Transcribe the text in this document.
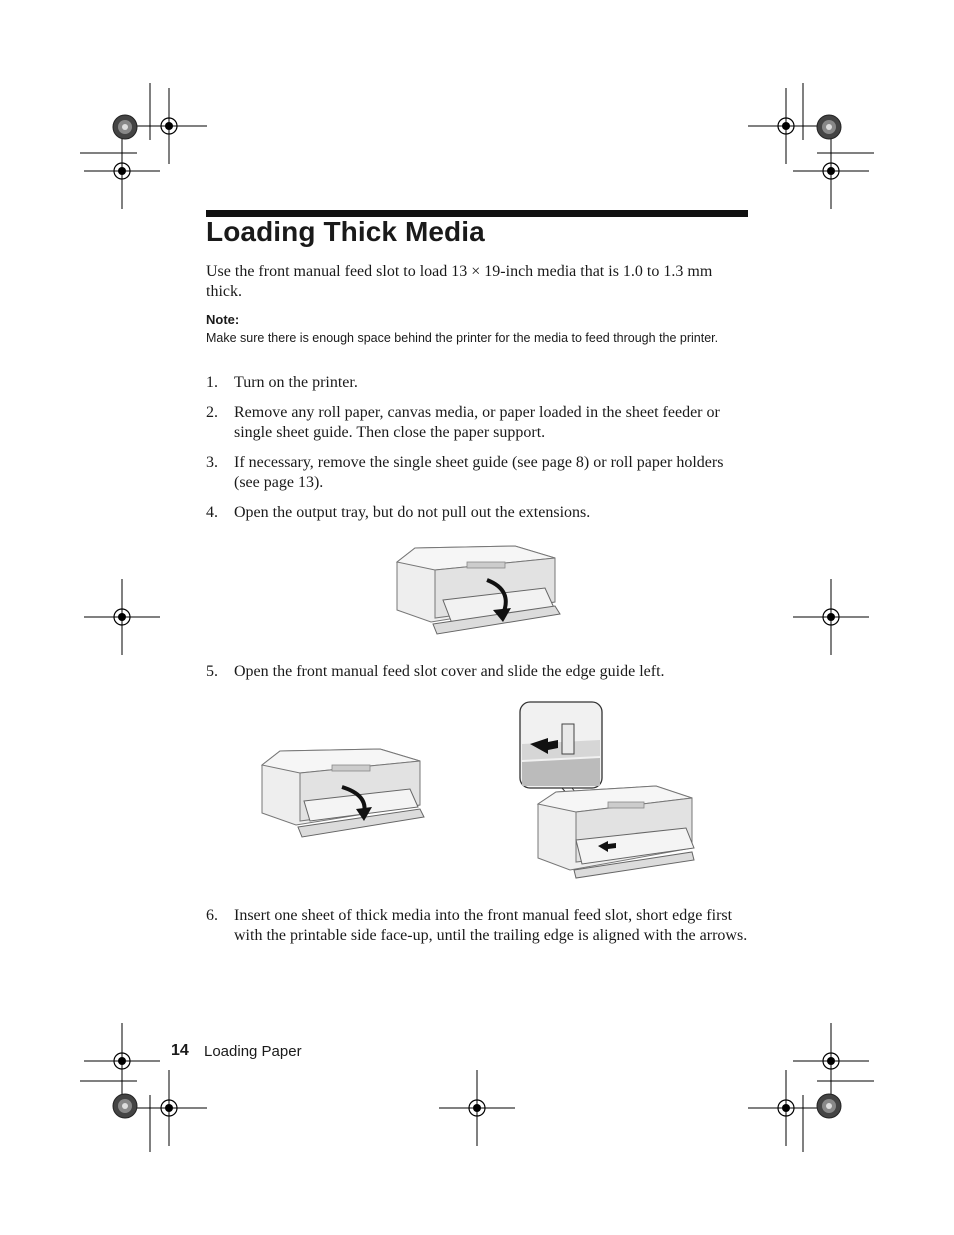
Loading Thick Media
Use the front manual feed slot to load 13 × 19-inch media that is 1.0 to 1.3 mm thick.
Note:
Make sure there is enough space behind the printer for the media to feed through the printer.
1. Turn on the printer.
2. Remove any roll paper, canvas media, or paper loaded in the sheet feeder or single sheet guide. Then close the paper support.
3. If necessary, remove the single sheet guide (see page 8) or roll paper holders (see page 13).
4. Open the output tray, but do not pull out the extensions.
5. Open the front manual feed slot cover and slide the edge guide left.
6. Insert one sheet of thick media into the front manual feed slot, short edge first with the printable side face-up, until the trailing edge is aligned with the arrows.
14 Loading Paper
